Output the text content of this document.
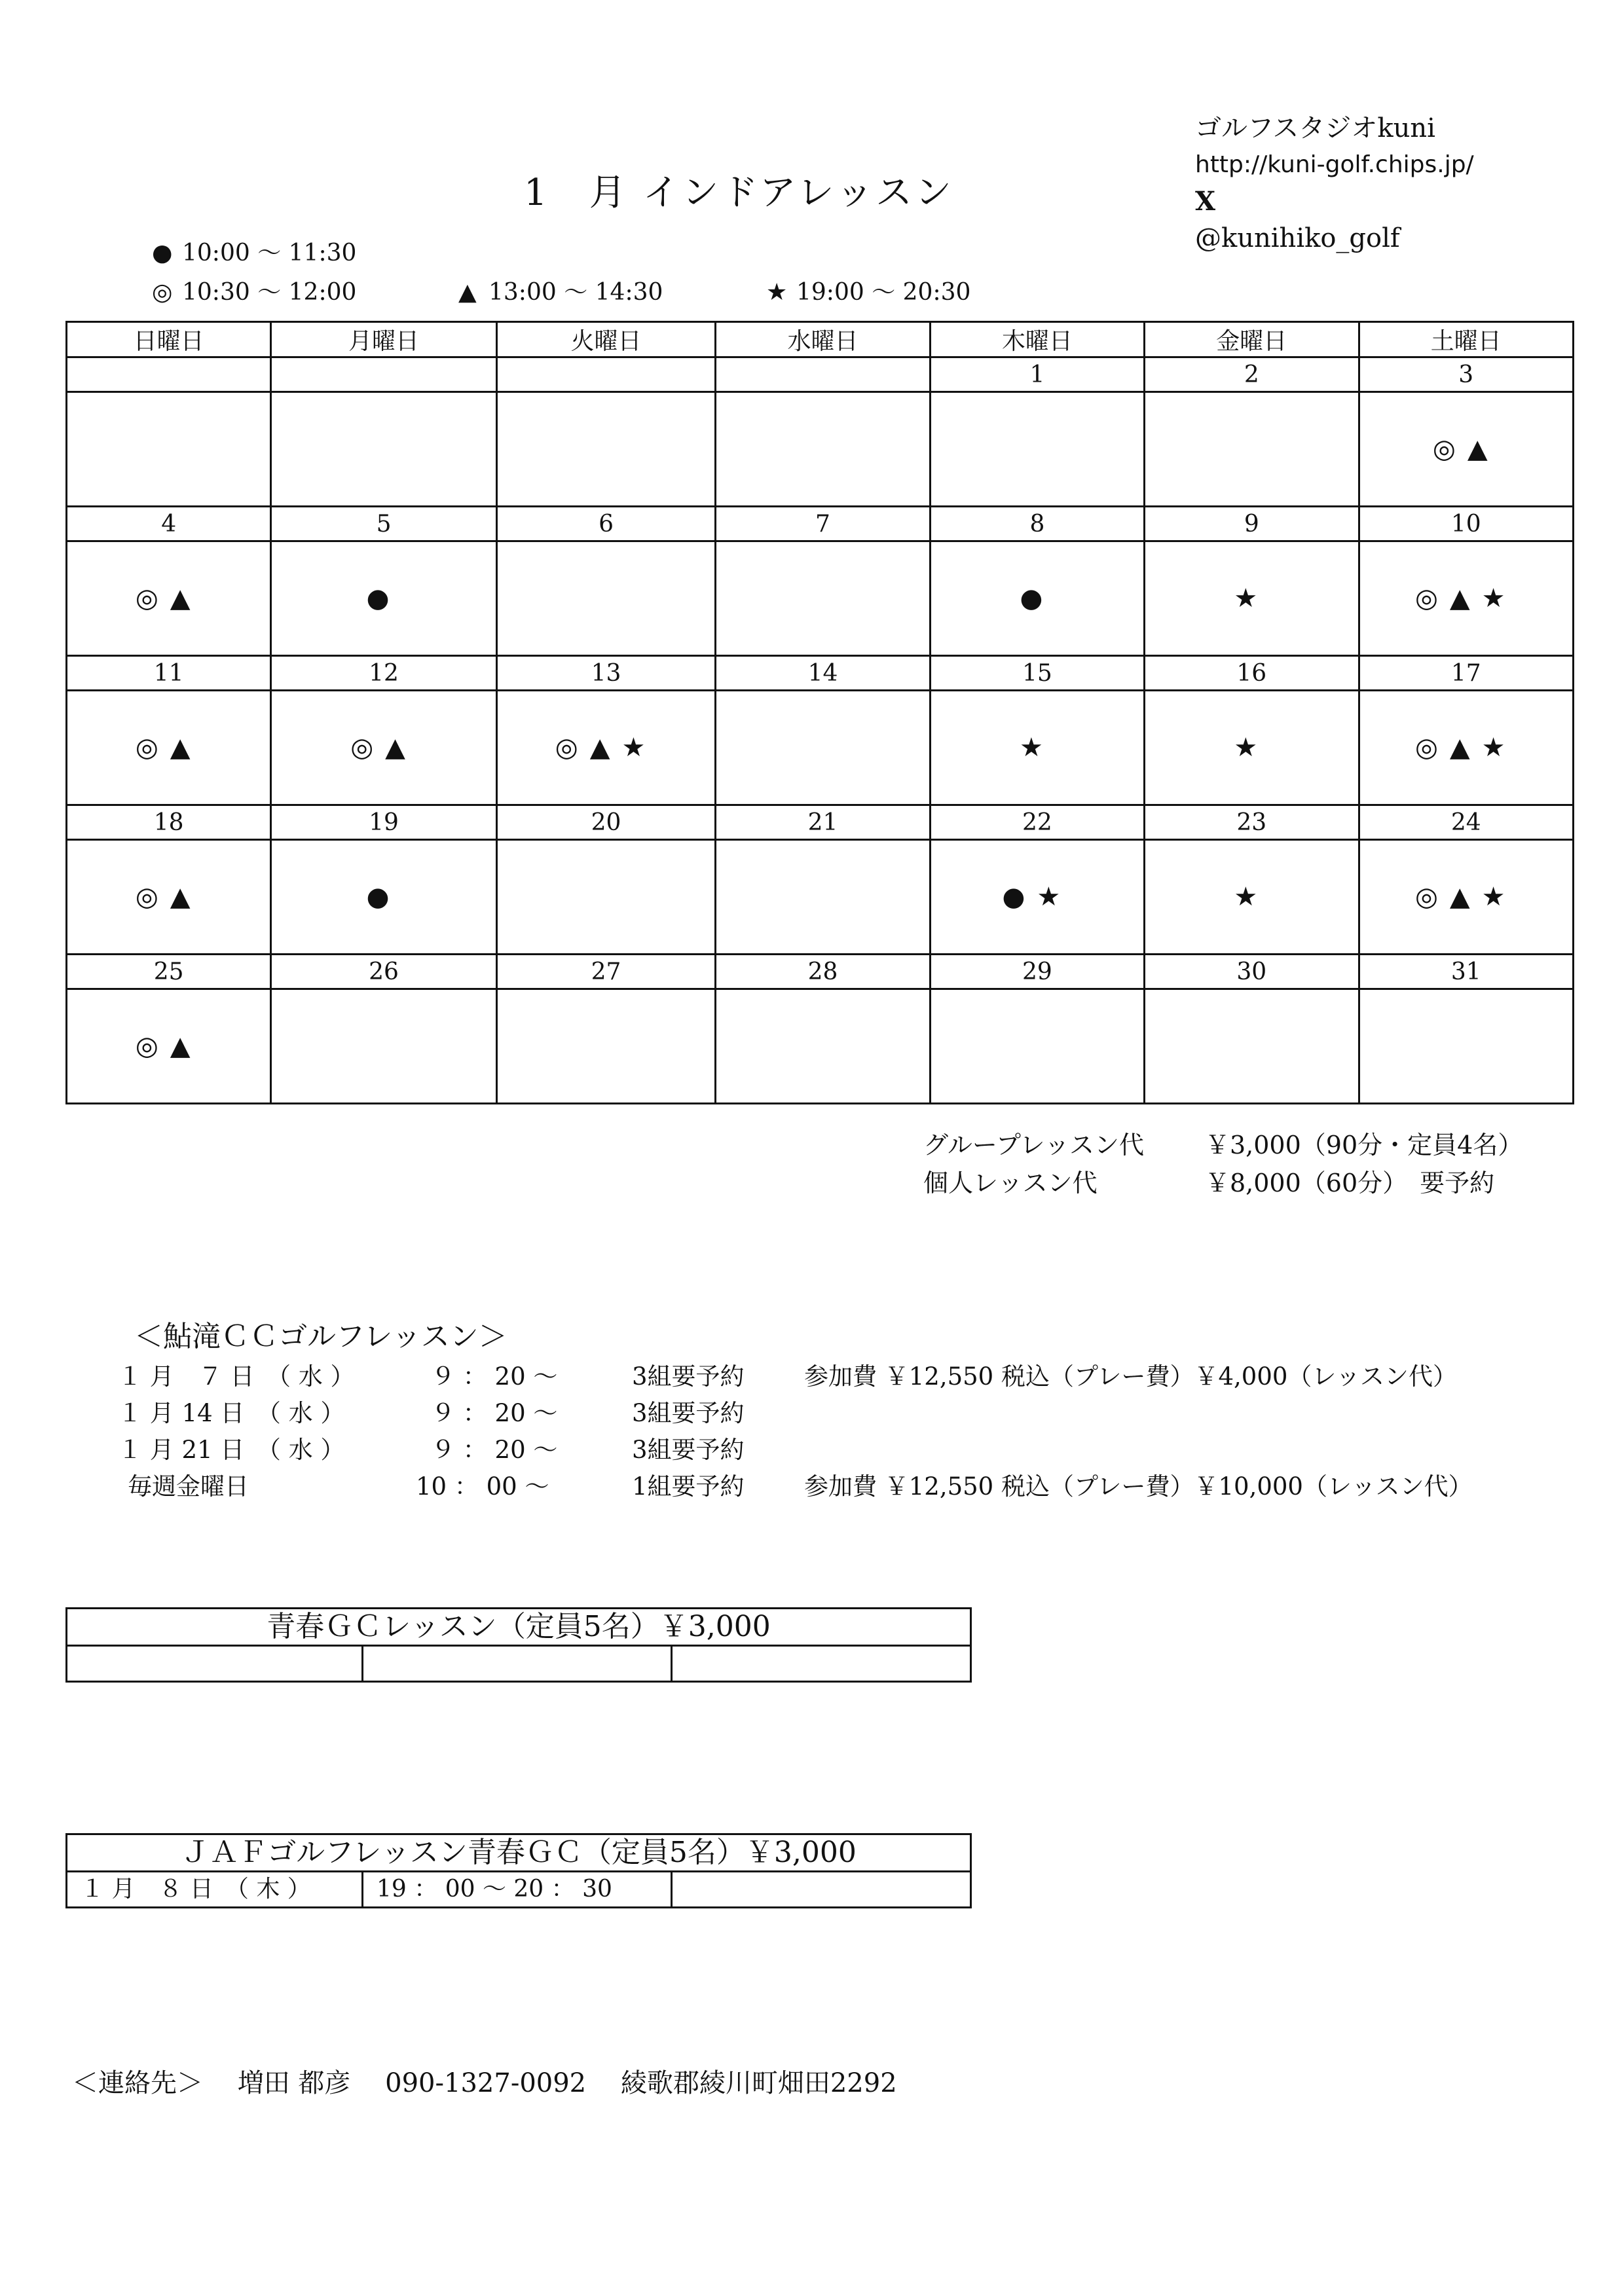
1　月 インドアレッスン
ゴルフスタジオkuni
http://kuni-golf.chips.jp/
X
@kunihiko_golf
● 10:00 ～ 11:30
◎ 10:30 ～ 12:00	▲ 13:00 ～ 14:30	★ 19:00 ～ 20:30
日曜日	月曜日	火曜日	水曜日	木曜日	金曜日	土曜日
				1	2	3
						◎▲
4	5	6	7	8	9	10
◎▲	●			●	★	◎▲★
11	12	13	14	15	16	17
◎▲	◎▲	◎▲★		★	★	◎▲★
18	19	20	21	22	23	24
◎▲	●			●★	★	◎▲★
25	26	27	28	29	30	31
◎▲						
グループレッスン代 ￥3,000（90分・定員4名）
個人レッスン代	￥8,000（60分）　要予約
＜鮎滝ＣＣゴルフレッスン＞
１ 月　７ 日　（ 水 ）	９ ： 20 ～	3組要予約 参加費 ￥12,550 税込（プレー費）￥4,000（レッスン代）
１ 月 14 日　（ 水 ）	９ ： 20 ～	3組要予約
１ 月 21 日　（ 水 ）	９ ： 20 ～	3組要予約
毎週金曜日	10 ： 00 ～	1組要予約 参加費 ￥12,550 税込（プレー費）￥10,000（レッスン代）
青春ＧＣレッスン（定員5名）￥3,000
ＪＡＦゴルフレッスン青春ＧＣ（定員5名）￥3,000
１ 月　８ 日　（ 木 ）	19 ： 00 ～ 20 ： 30
＜連絡先＞ 増田 都彦 090-1327-0092 綾歌郡綾川町畑田2292
